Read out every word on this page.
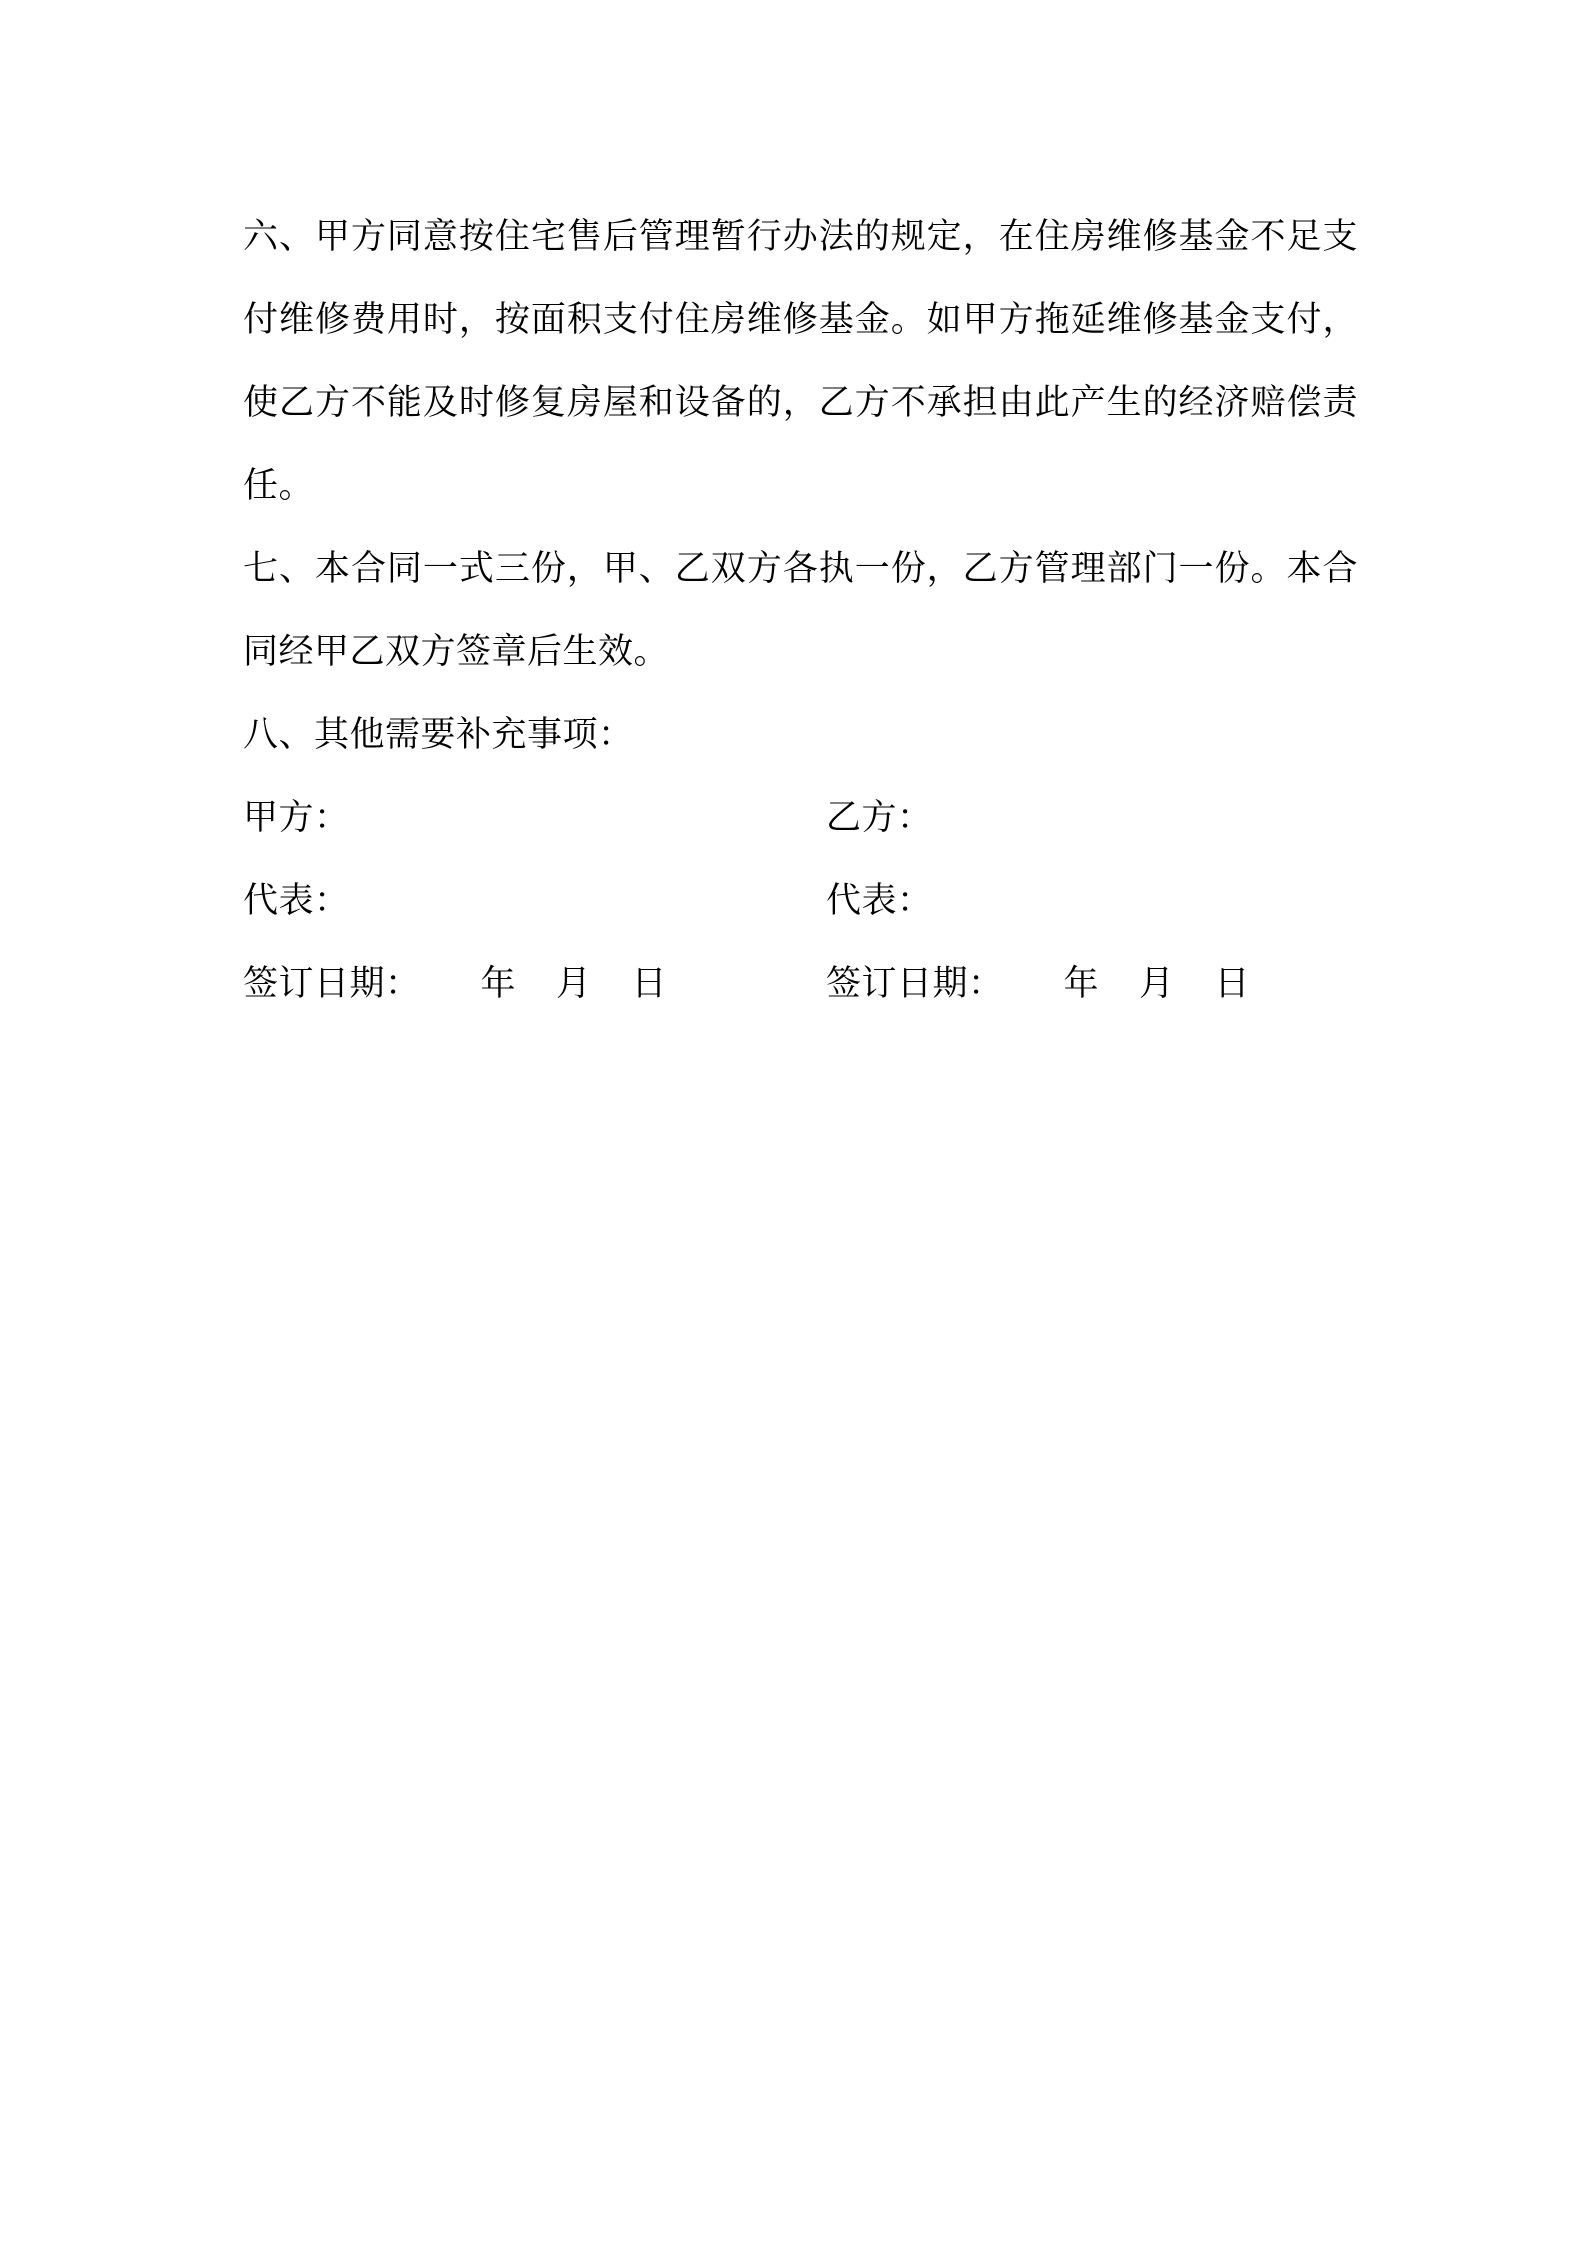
六、甲方同意按住宅售后管理暂行办法的规定，在住房维修基金不足支付维修费用时，按面积支付住房维修基金。如甲方拖延维修基金支付，使乙方不能及时修复房屋和设备的，乙方不承担由此产生的经济赔偿责任。

七、本合同一式三份，甲、乙双方各执一份，乙方管理部门一份。本合同经甲乙双方签章后生效。

八、其他需要补充事项：

甲方：	乙方：
代表：	代表：
签订日期： 年 月 日	签订日期： 年 月 日
